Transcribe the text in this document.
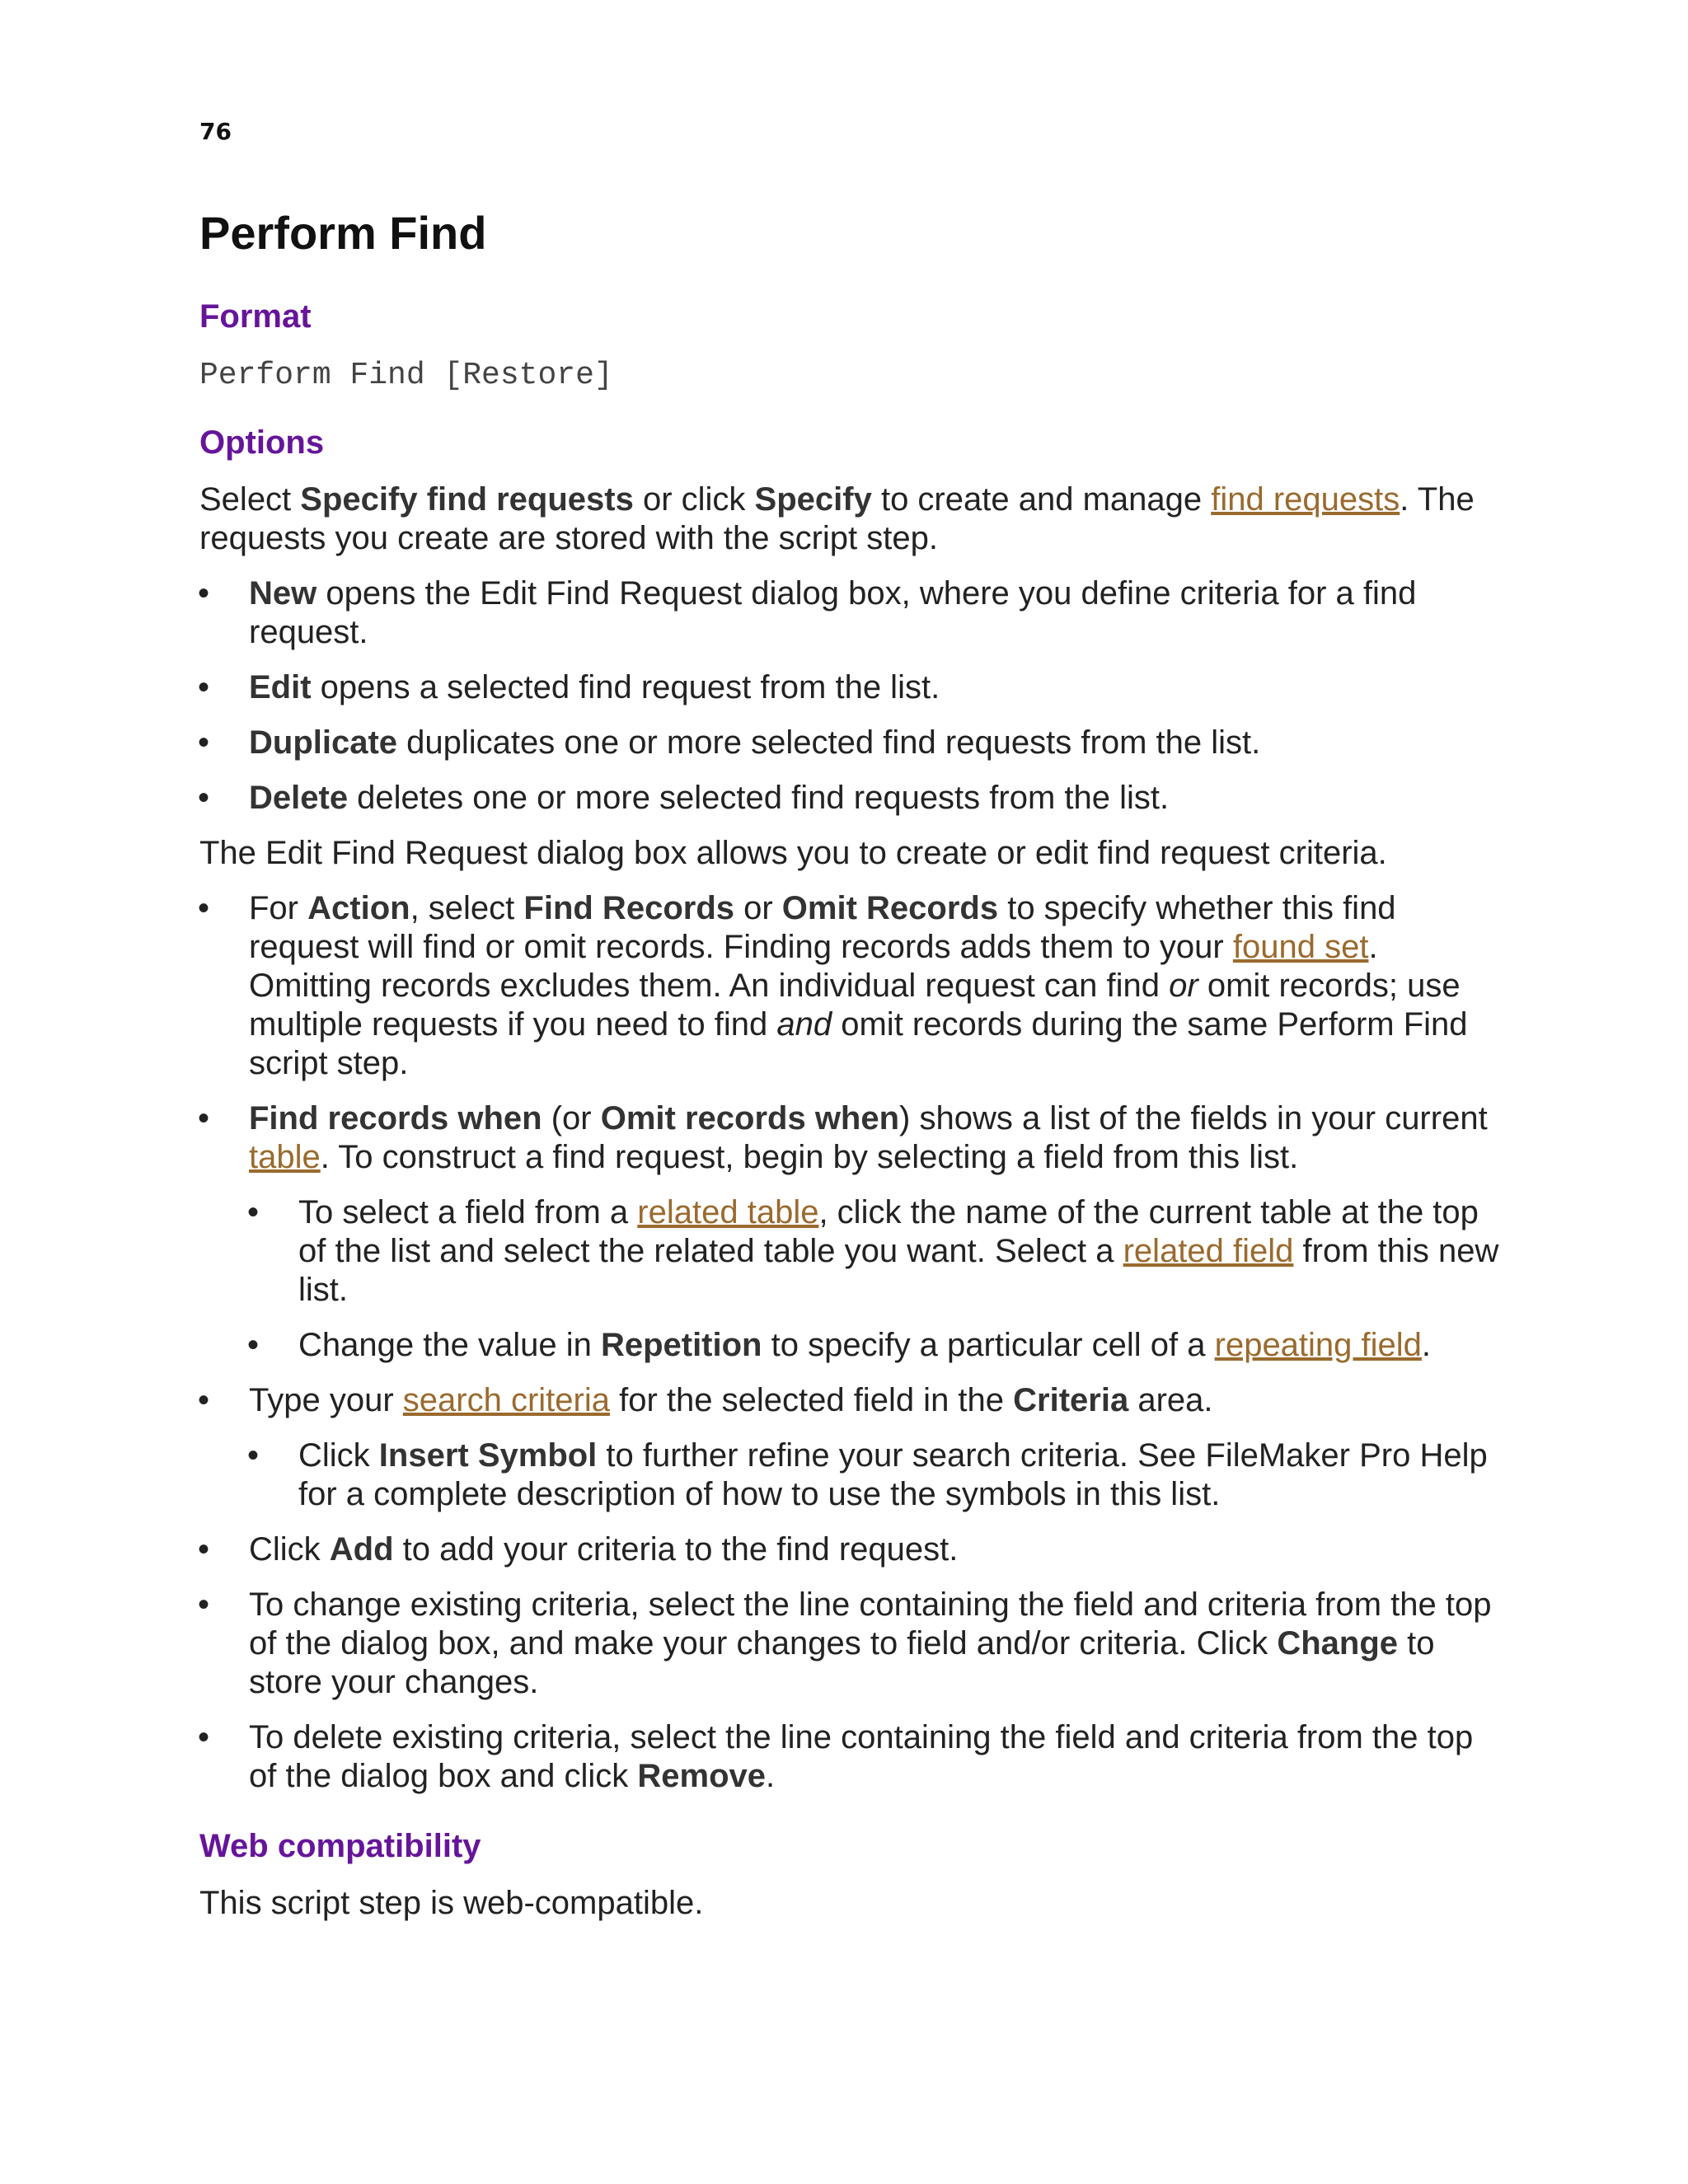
76
Perform Find
Format
Perform Find [Restore]
Options

Select Specify find requests or click Specify to create and manage find requests. The requests you create are stored with the script step.

• New opens the Edit Find Request dialog box, where you define criteria for a find request.

• Edit opens a selected find request from the list.

• Duplicate duplicates one or more selected find requests from the list.

• Delete deletes one or more selected find requests from the list.

The Edit Find Request dialog box allows you to create or edit find request criteria.

• For Action, select Find Records or Omit Records to specify whether this find request will find or omit records. Finding records adds them to your found set. Omitting records excludes them. An individual request can find or omit records; use multiple requests if you need to find and omit records during the same Perform Find script step.

• Find records when (or Omit records when) shows a list of the fields in your current table. To construct a find request, begin by selecting a field from this list.

• To select a field from a related table, click the name of the current table at the top of the list and select the related table you want. Select a related field from this new list.

• Change the value in Repetition to specify a particular cell of a repeating field.

• Type your search criteria for the selected field in the Criteria area.

• Click Insert Symbol to further refine your search criteria. See FileMaker Pro Help for a complete description of how to use the symbols in this list.

• Click Add to add your criteria to the find request.

• To change existing criteria, select the line containing the field and criteria from the top of the dialog box, and make your changes to field and/or criteria. Click Change to store your changes.

• To delete existing criteria, select the line containing the field and criteria from the top of the dialog box and click Remove.

Web compatibility

This script step is web-compatible.
